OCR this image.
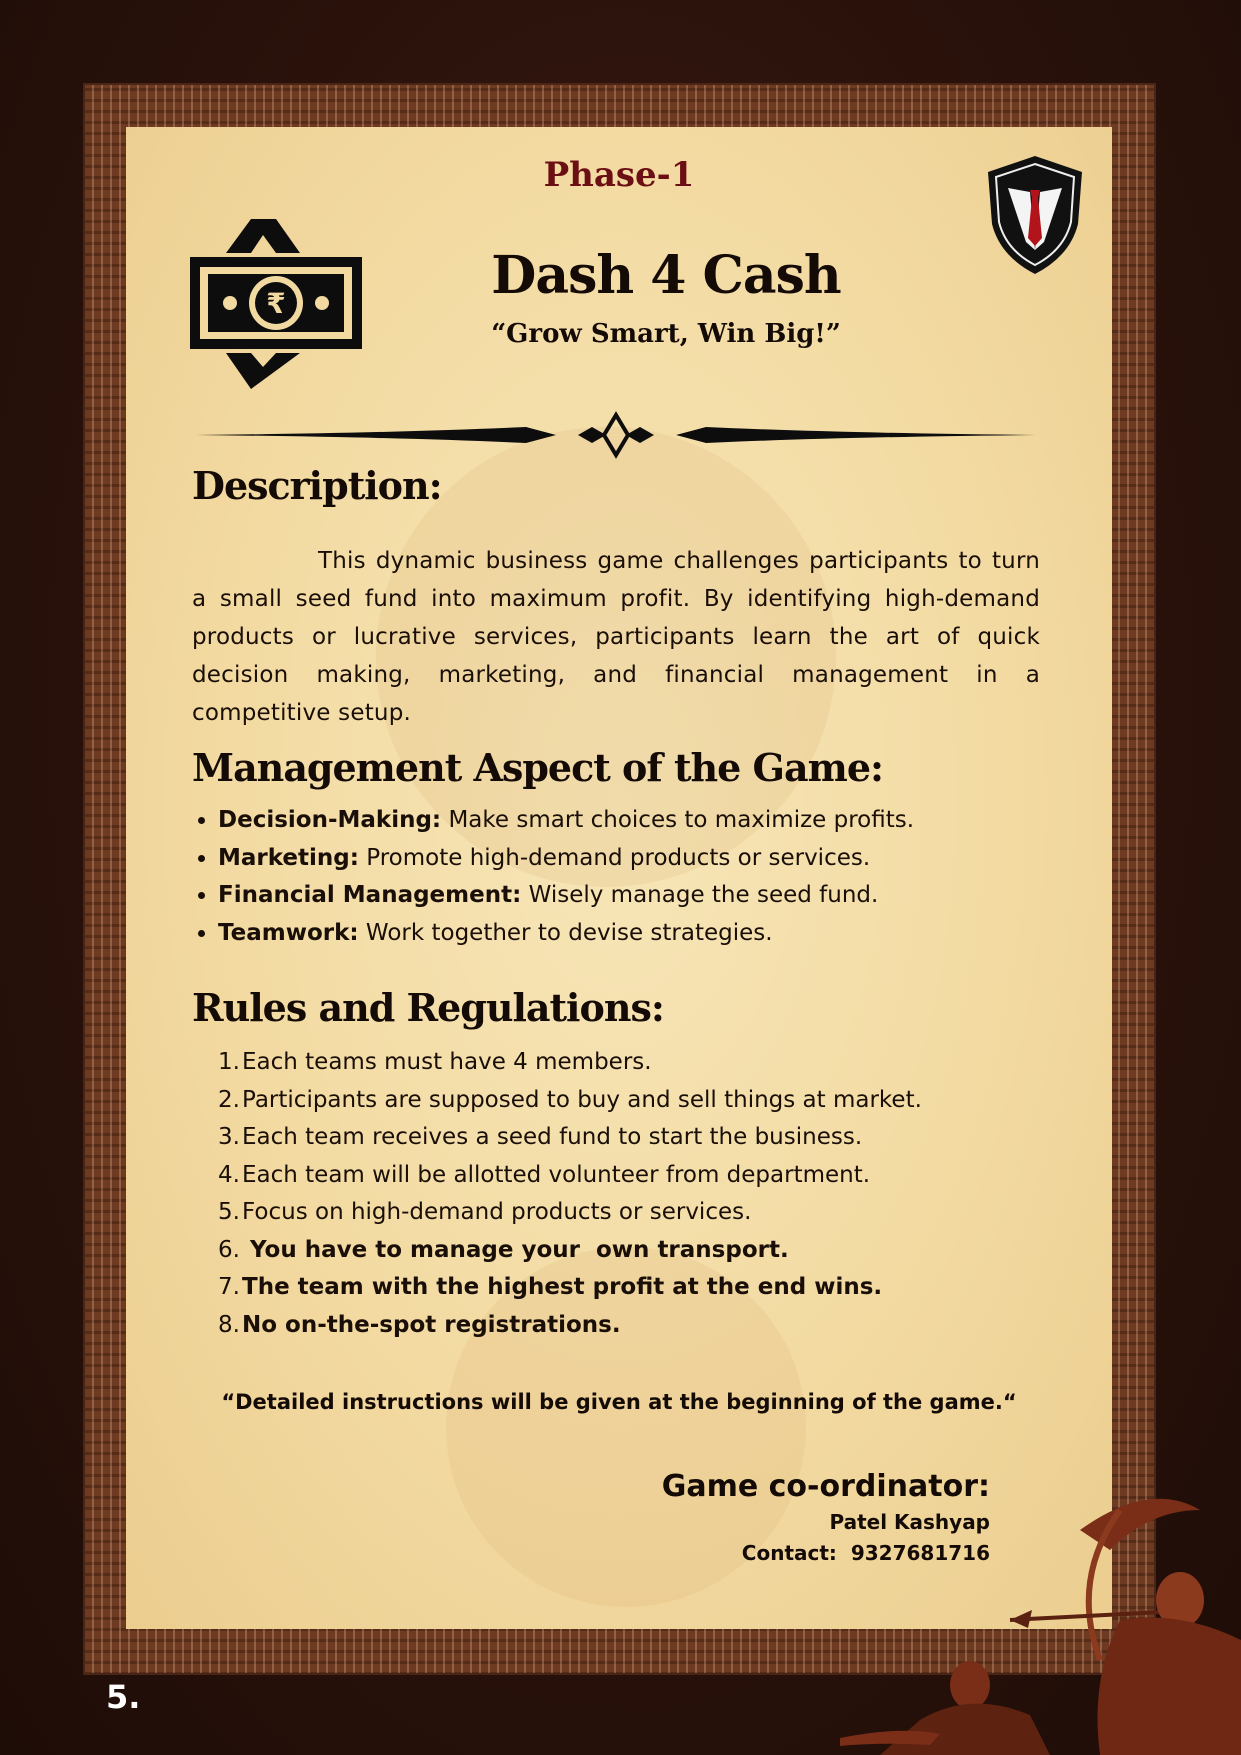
Phase-1
₹	Dash 4 Cash
“Grow Smart, Win Big!”
Description:

This dynamic business game challenges participants to turn a small seed fund into maximum profit. By identifying high-demand products or lucrative services, participants learn the art of quick decision making, marketing, and financial management in a competitive setup.

Management Aspect of the Game:
• Decision-Making: Make smart choices to maximize profits.
• Marketing: Promote high-demand products or services.
• Financial Management: Wisely manage the seed fund.
• Teamwork: Work together to devise strategies.
Rules and Regulations:
1. Each teams must have 4 members.
2. Participants are supposed to buy and sell things at market.
3. Each team receives a seed fund to start the business.
4. Each team will be allotted volunteer from department.
5. Focus on high-demand products or services.
6. You have to manage your  own transport.
7. The team with the highest profit at the end wins.
8. No on-the-spot registrations.
“Detailed instructions will be given at the beginning of the game.“
Game co-ordinator:
Patel Kashyap
Contact:  9327681716
5.
